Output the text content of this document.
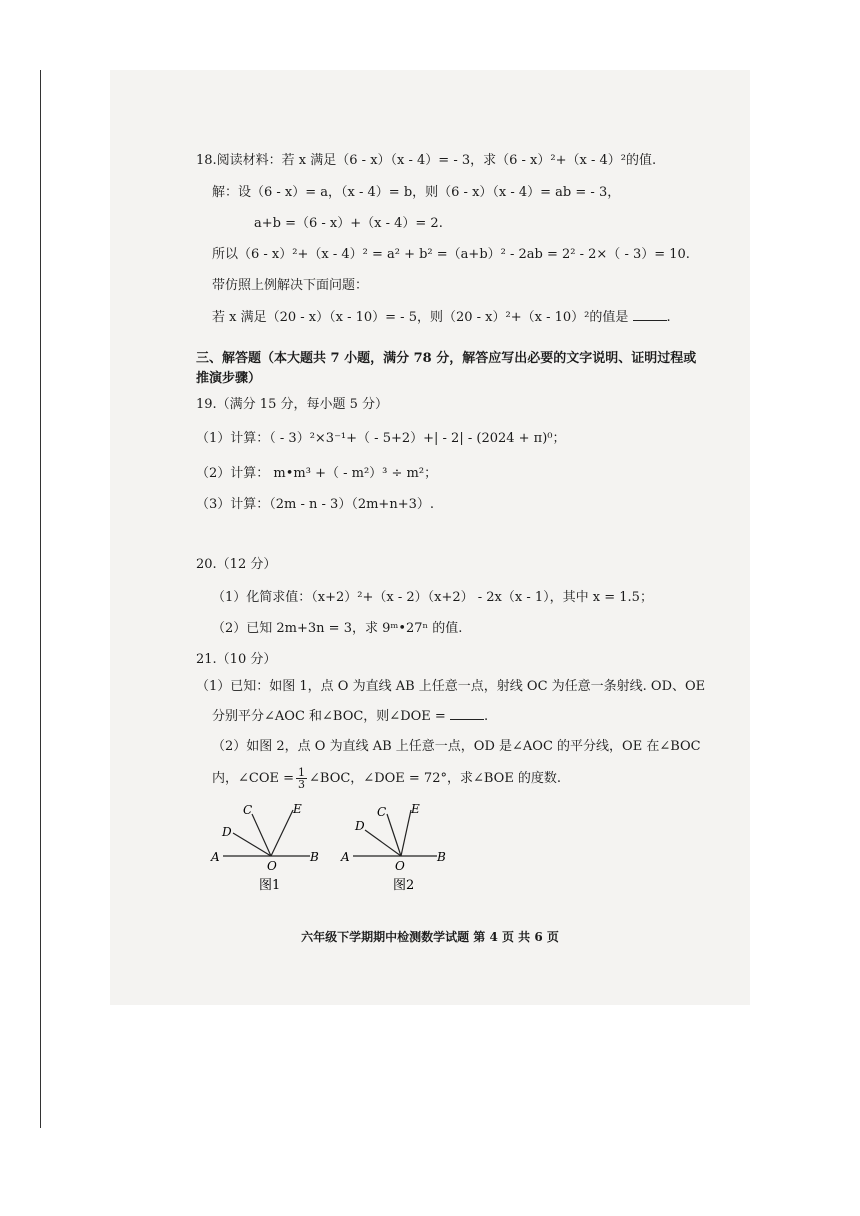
18.阅读材料：若 x 满足（6 - x）（x - 4）= - 3，求（6 - x）²+（x - 4）²的值.
解：设（6 - x）= a，（x - 4）= b，则（6 - x）（x - 4）= ab = - 3，
a+b =（6 - x）+（x - 4）= 2.
所以（6 - x）²+（x - 4）² = a² + b² =（a+b）² - 2ab = 2² - 2×（ - 3）= 10.
带仿照上例解决下面问题：
若 x 满足（20 - x）（x - 10）= - 5，则（20 - x）²+（x - 10）²的值是	.
三、解答题（本大题共 7 小题，满分 78 分，解答应写出必要的文字说明、证明过程或
推演步骤）
19.（满分 15 分，每小题 5 分）
（1）计算：（ - 3）²×3⁻¹+（ - 5+2）+| - 2| - (2024 + π)⁰；
（2）计算： m•m³ +（ - m²）³ ÷ m²；
（3）计算：（2m - n - 3）（2m+n+3）.
20.（12 分）
（1）化简求值：（x+2）²+（x - 2）（x+2） - 2x（x - 1），其中 x = 1.5；
（2）已知 2m+3n = 3，求 9ᵐ•27ⁿ 的值.
21.（10 分）
（1）已知：如图 1，点 O 为直线 AB 上任意一点，射线 OC 为任意一条射线. OD、OE
分别平分∠AOC 和∠BOC，则∠DOE =	.
（2）如图 2，点 O 为直线 AB 上任意一点，OD 是∠AOC 的平分线，OE 在∠BOC
内，∠COE = $\frac{1}{3}$ ∠BOC，∠DOE = 72°，求∠BOE 的度数.
A	B
O
C
D
E
图1
A	B
O
C
D
E
图2
六年级下学期期中检测数学试题 第 4 页 共 6 页
